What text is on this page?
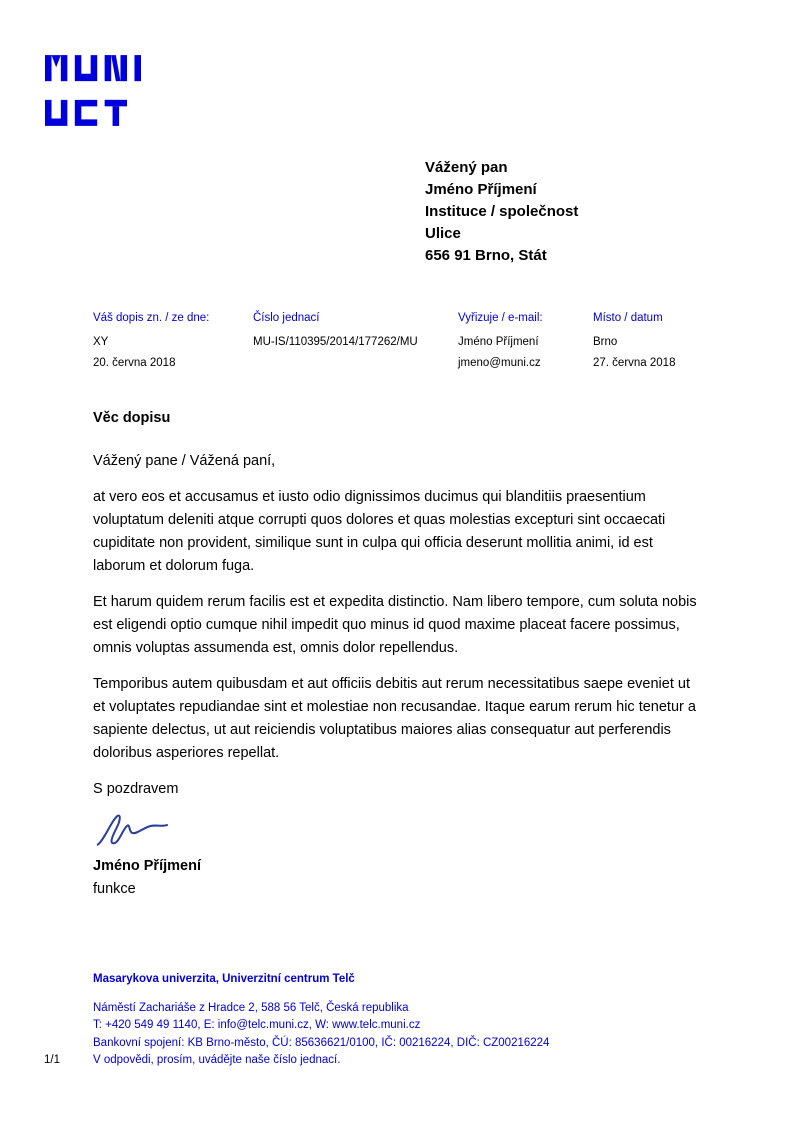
Vážený pan
Jméno Příjmení
Instituce / společnost
Ulice
656 91 Brno, Stát
Váš dopis zn. / ze dne:
XY
20. června 2018
Číslo jednací
MU-IS/110395/2014/177262/MU
Vyřizuje / e-mail:
Jméno Příjmení
jmeno@muni.cz
Místo / datum
Brno
27. června 2018
Věc dopisu
Vážený pane / Vážená paní,

at vero eos et accusamus et iusto odio dignissimos ducimus qui blanditiis praesentium voluptatum deleniti atque corrupti quos dolores et quas molestias excepturi sint occaecati cupiditate non provident, similique sunt in culpa qui officia deserunt mollitia animi, id est laborum et dolorum fuga.

Et harum quidem rerum facilis est et expedita distinctio. Nam libero tempore, cum soluta nobis est eligendi optio cumque nihil impedit quo minus id quod maxime placeat facere possimus, omnis voluptas assumenda est, omnis dolor repellendus.

Temporibus autem quibusdam et aut officiis debitis aut rerum necessitatibus saepe eveniet ut et voluptates repudiandae sint et molestiae non recusandae. Itaque earum rerum hic tenetur a sapiente delectus, ut aut reiciendis voluptatibus maiores alias consequatur aut perferendis doloribus asperiores repellat.

S pozdravem
Jméno Příjmení
funkce
Masarykova univerzita, Univerzitní centrum Telč
Náměstí Zachariáše z Hradce 2, 588 56 Telč, Česká republika
T: +420 549 49 1140, E: info@telc.muni.cz, W: www.telc.muni.cz
Bankovní spojení: KB Brno-město, ČÚ: 85636621/0100, IČ: 00216224, DIČ: CZ00216224
V odpovědi, prosím, uvádějte naše číslo jednací.
1/1
